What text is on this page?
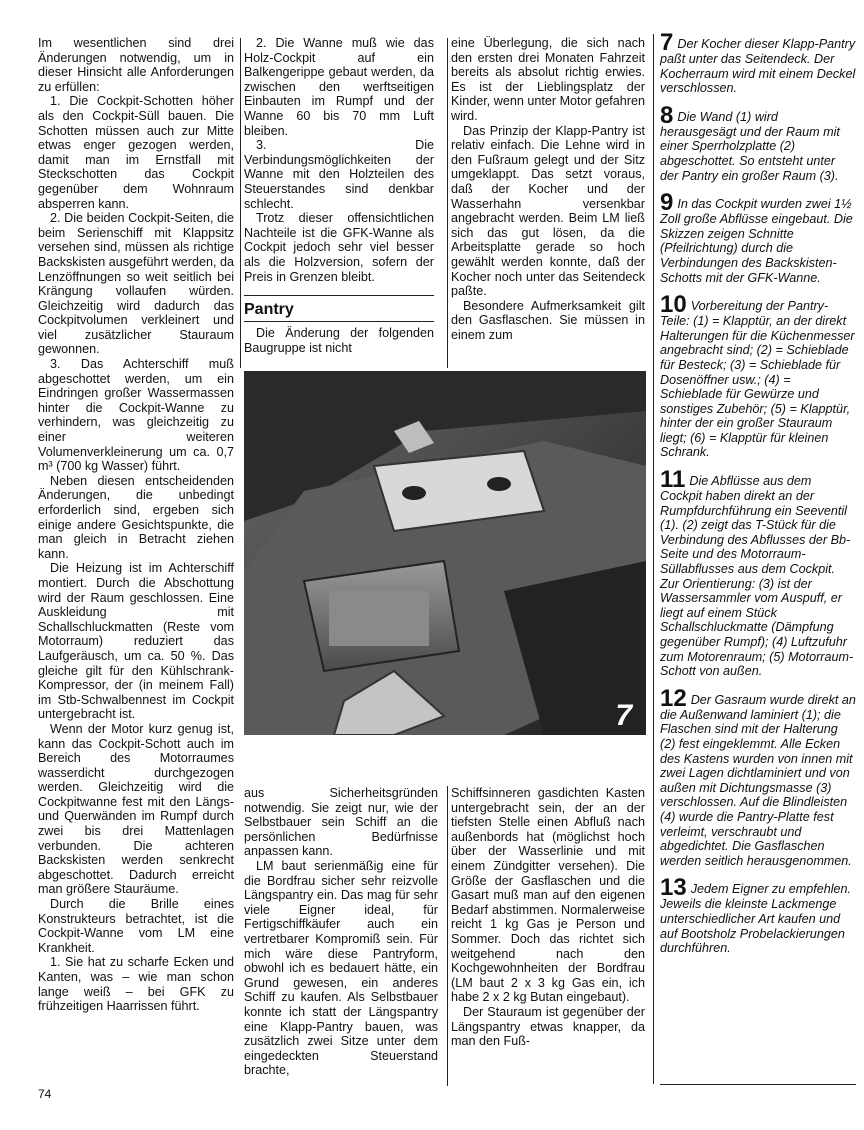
Im wesentlichen sind drei Änderungen notwendig, um in dieser Hinsicht alle Anforderungen zu erfüllen:

1. Die Cockpit-Schotten höher als den Cockpit-Süll bauen. Die Schotten müssen auch zur Mitte etwas enger gezogen werden, damit man im Ernstfall mit Steckschotten das Cockpit gegenüber dem Wohnraum absperren kann.

2. Die beiden Cockpit-Seiten, die beim Serienschiff mit Klappsitz versehen sind, müssen als richtige Backskisten ausgeführt werden, da Lenzöffnungen so weit seitlich bei Krängung vollaufen würden. Gleichzeitig wird dadurch das Cockpitvolumen verkleinert und viel zusätzlicher Stauraum gewonnen.

3. Das Achterschiff muß abgeschottet werden, um ein Eindringen großer Wassermassen hinter die Cockpit-Wanne zu verhindern, was gleichzeitig zu einer weiteren Volumenverkleinerung um ca. 0,7 m³ (700 kg Wasser) führt.

Neben diesen entscheidenden Änderungen, die unbedingt erforderlich sind, ergeben sich einige andere Gesichtspunkte, die man gleich in Betracht ziehen kann.

Die Heizung ist im Achterschiff montiert. Durch die Abschottung wird der Raum geschlossen. Eine Auskleidung mit Schallschluckmatten (Reste vom Motorraum) reduziert das Laufgeräusch, um ca. 50 %. Das gleiche gilt für den Kühlschrank-Kompressor, der (in meinem Fall) im Stb-Schwalbennest im Cockpit untergebracht ist.

Wenn der Motor kurz genug ist, kann das Cockpit-Schott auch im Bereich des Motorraumes wasserdicht durchgezogen werden. Gleichzeitig wird die Cockpitwanne fest mit den Längs- und Querwänden im Rumpf durch zwei bis drei Mattenlagen verbunden. Die achteren Backskisten werden senkrecht abgeschottet. Dadurch erreicht man größere Stauräume.

Durch die Brille eines Konstrukteurs betrachtet, ist die Cockpit-Wanne vom LM eine Krankheit.

1. Sie hat zu scharfe Ecken und Kanten, was – wie man schon lange weiß – bei GFK zu frühzeitigen Haarrissen führt.

2. Die Wanne muß wie das Holz-Cockpit auf ein Balkengerippe gebaut werden, da zwischen den werftseitigen Einbauten im Rumpf und der Wanne 60 bis 70 mm Luft bleiben.

3. Die Verbindungsmöglichkeiten der Wanne mit den Holzteilen des Steuerstandes sind denkbar schlecht.

Trotz dieser offensichtlichen Nachteile ist die GFK-Wanne als Cockpit jedoch sehr viel besser als die Holzversion, sofern der Preis in Grenzen bleibt.

Pantry

Die Änderung der folgenden Baugruppe ist nicht

eine Überlegung, die sich nach den ersten drei Monaten Fahrzeit bereits als absolut richtig erwies. Es ist der Lieblingsplatz der Kinder, wenn unter Motor gefahren wird.

Das Prinzip der Klapp-Pantry ist relativ einfach. Die Lehne wird in den Fußraum gelegt und der Sitz umgeklappt. Das setzt voraus, daß der Kocher und der Wasserhahn versenkbar angebracht werden. Beim LM ließ sich das gut lösen, da die Arbeitsplatte gerade so hoch gewählt werden konnte, daß der Kocher noch unter das Seitendeck paßte.

Besondere Aufmerksamkeit gilt den Gasflaschen. Sie müssen in einem zum

7

aus Sicherheitsgründen notwendig. Sie zeigt nur, wie der Selbstbauer sein Schiff an die persönlichen Bedürfnisse anpassen kann.

LM baut serienmäßig eine für die Bordfrau sicher sehr reizvolle Längspantry ein. Das mag für sehr viele Eigner ideal, für Fertigschiffkäufer auch ein vertretbarer Kompromiß sein. Für mich wäre diese Pantryform, obwohl ich es bedauert hätte, ein Grund gewesen, ein anderes Schiff zu kaufen. Als Selbstbauer konnte ich statt der Längspantry eine Klapp-Pantry bauen, was zusätzlich zwei Sitze unter dem eingedeckten Steuerstand brachte,

Schiffsinneren gasdichten Kasten untergebracht sein, der an der tiefsten Stelle einen Abfluß nach außenbords hat (möglichst hoch über der Wasserlinie und mit einem Zündgitter versehen). Die Größe der Gasflaschen und die Gasart muß man auf den eigenen Bedarf abstimmen. Normalerweise reicht 1 kg Gas je Person und Sommer. Doch das richtet sich weitgehend nach den Kochgewohnheiten der Bordfrau (LM baut 2 x 3 kg Gas ein, ich habe 2 x 2 kg Butan eingebaut).

Der Stauraum ist gegenüber der Längspantry etwas knapper, da man den Fuß-

7 Der Kocher dieser Klapp-Pantry paßt unter das Seitendeck. Der Kocherraum wird mit einem Deckel verschlossen.

8 Die Wand (1) wird herausgesägt und der Raum mit einer Sperrholzplatte (2) abgeschottet. So entsteht unter der Pantry ein großer Raum (3).

9 In das Cockpit wurden zwei 1½ Zoll große Abflüsse eingebaut. Die Skizzen zeigen Schnitte (Pfeilrichtung) durch die Verbindungen des Backskisten-Schotts mit der GFK-Wanne.

10 Vorbereitung der Pantry-Teile: (1) = Klapptür, an der direkt Halterungen für die Küchenmesser angebracht sind; (2) = Schieblade für Besteck; (3) = Schieblade für Dosenöffner usw.; (4) = Schieblade für Gewürze und sonstiges Zubehör; (5) = Klapptür, hinter der ein großer Stauraum liegt; (6) = Klapptür für kleinen Schrank.

11 Die Abflüsse aus dem Cockpit haben direkt an der Rumpfdurchführung ein Seeventil (1). (2) zeigt das T-Stück für die Verbindung des Abflusses der Bb-Seite und des Motorraum-Süllabflusses aus dem Cockpit. Zur Orientierung: (3) ist der Wassersammler vom Auspuff, er liegt auf einem Stück Schallschluckmatte (Dämpfung gegenüber Rumpf); (4) Luftzufuhr zum Motorenraum; (5) Motorraum-Schott von außen.

12 Der Gasraum wurde direkt an die Außenwand laminiert (1); die Flaschen sind mit der Halterung (2) fest eingeklemmt. Alle Ecken des Kastens wurden von innen mit zwei Lagen dichtlaminiert und von außen mit Dichtungsmasse (3) verschlossen. Auf die Blindleisten (4) wurde die Pantry-Platte fest verleimt, verschraubt und abgedichtet. Die Gasflaschen werden seitlich herausgenommen.

13 Jedem Eigner zu empfehlen. Jeweils die kleinste Lackmenge unterschiedlicher Art kaufen und auf Bootsholz Probelackierungen durchführen.

74
